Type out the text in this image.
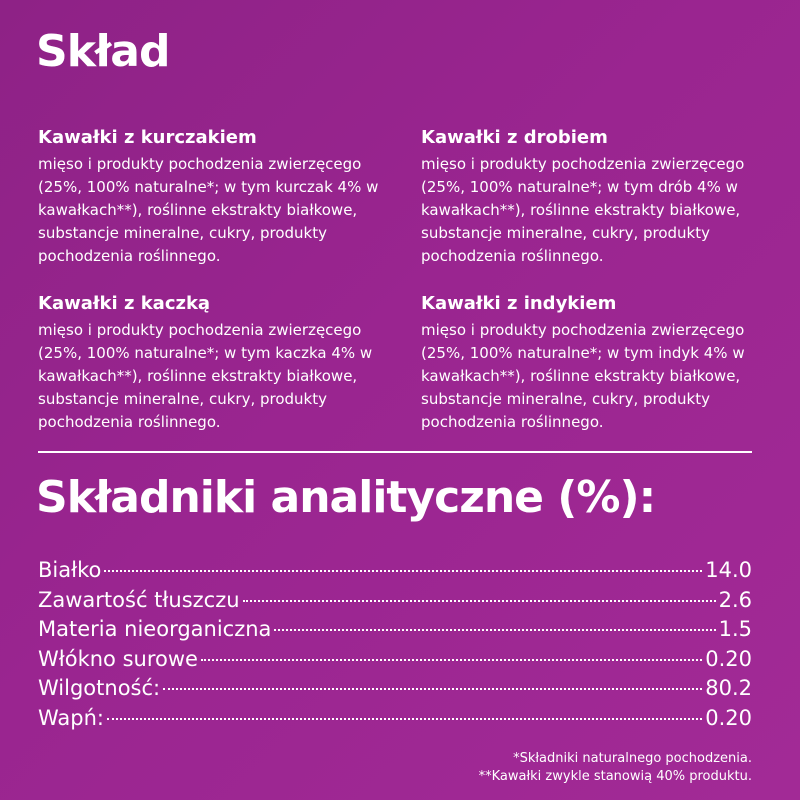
Skład
Kawałki z kurczakiem

mięso i produkty pochodzenia zwierzęcego
(25%, 100% naturalne*; w tym kurczak 4% w
kawałkach**), roślinne ekstrakty białkowe,
substancje mineralne, cukry, produkty
pochodzenia roślinnego.

Kawałki z drobiem

mięso i produkty pochodzenia zwierzęcego
(25%, 100% naturalne*; w tym drób 4% w
kawałkach**), roślinne ekstrakty białkowe,
substancje mineralne, cukry, produkty
pochodzenia roślinnego.

Kawałki z kaczką

mięso i produkty pochodzenia zwierzęcego
(25%, 100% naturalne*; w tym kaczka 4% w
kawałkach**), roślinne ekstrakty białkowe,
substancje mineralne, cukry, produkty
pochodzenia roślinnego.

Kawałki z indykiem

mięso i produkty pochodzenia zwierzęcego
(25%, 100% naturalne*; w tym indyk 4% w
kawałkach**), roślinne ekstrakty białkowe,
substancje mineralne, cukry, produkty
pochodzenia roślinnego.

Składniki analityczne (%):
Białko	14.0
Zawartość tłuszczu	2.6
Materia nieorganiczna	1.5
Włókno surowe	0.20
Wilgotność:	80.2
Wapń:	0.20
*Składniki naturalnego pochodzenia.
**Kawałki zwykle stanowią 40% produktu.
